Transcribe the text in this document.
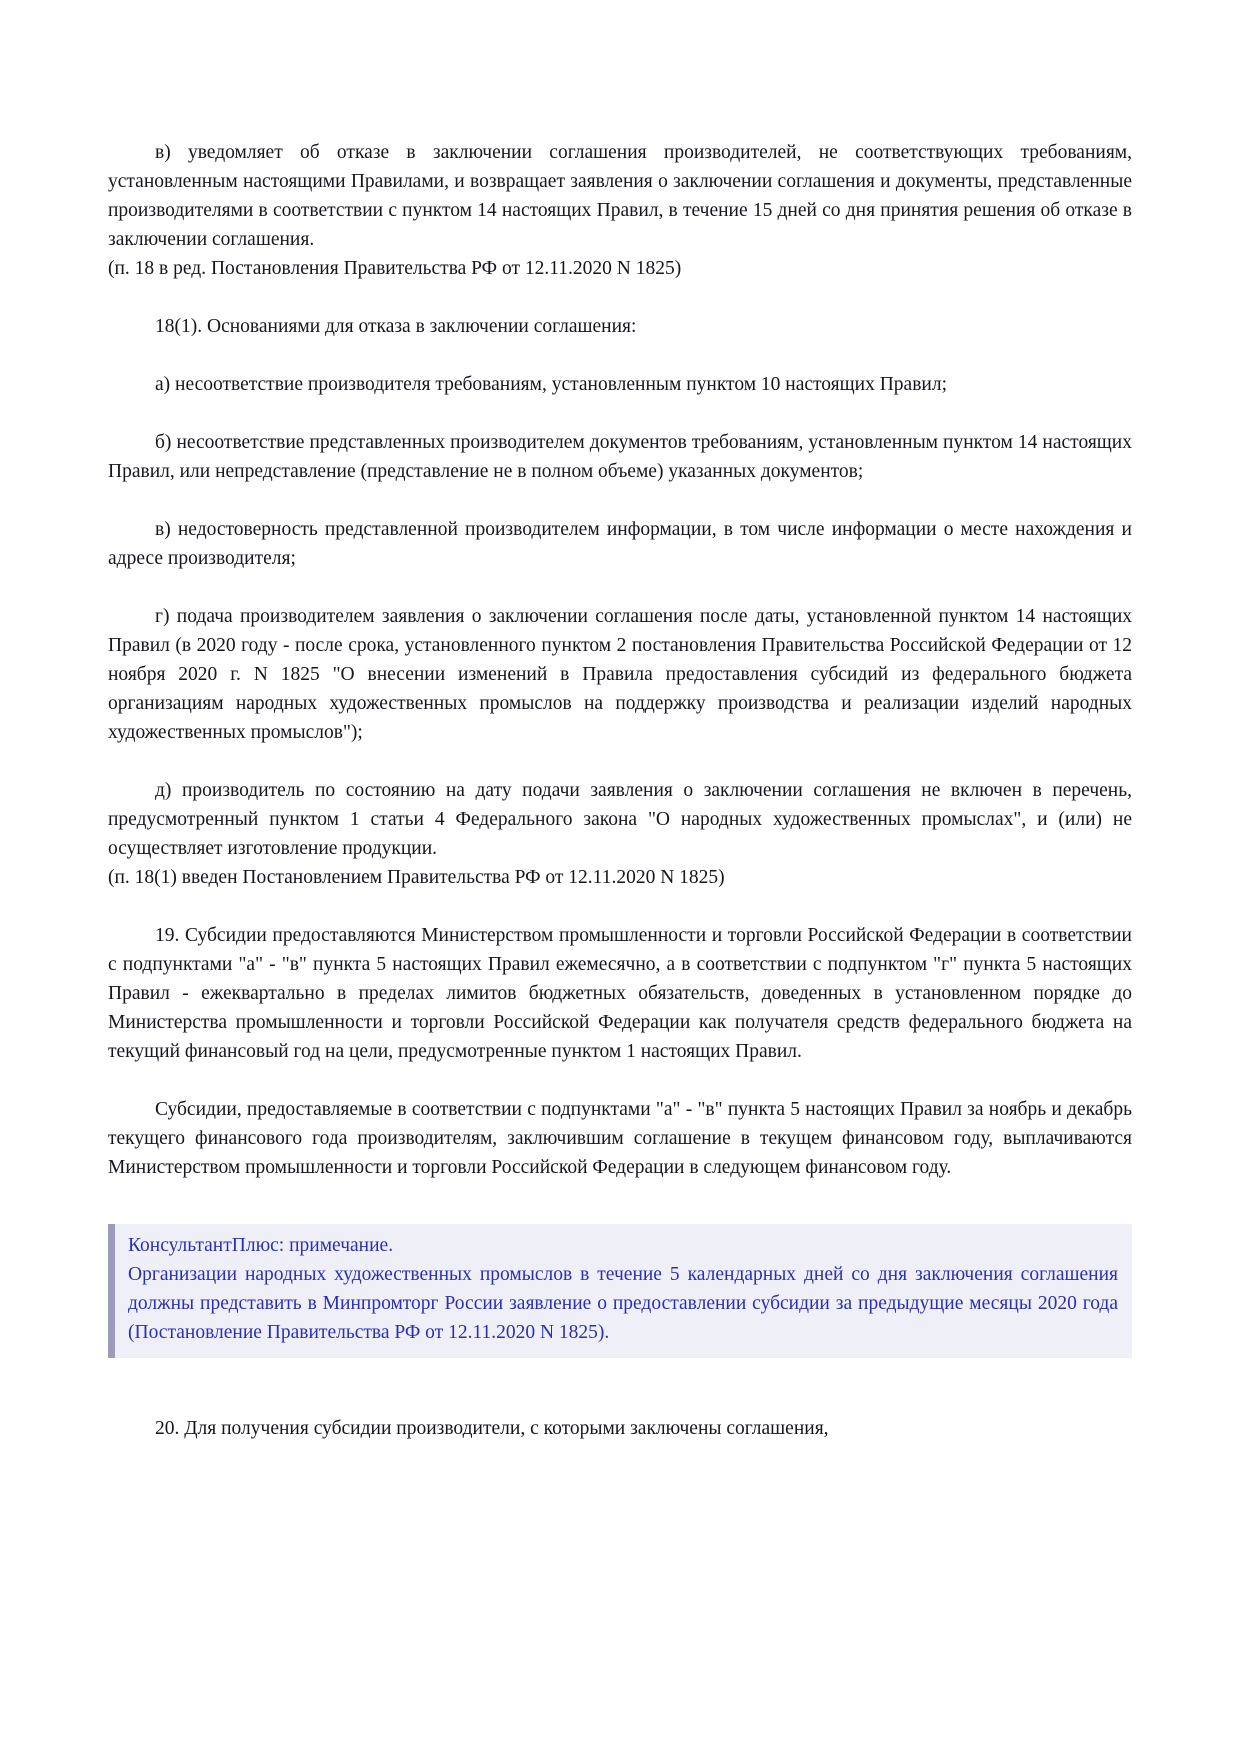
в) уведомляет об отказе в заключении соглашения производителей, не соответствующих требованиям, установленным настоящими Правилами, и возвращает заявления о заключении соглашения и документы, представленные производителями в соответствии с пунктом 14 настоящих Правил, в течение 15 дней со дня принятия решения об отказе в заключении соглашения.

(п. 18 в ред. Постановления Правительства РФ от 12.11.2020 N 1825)

18(1). Основаниями для отказа в заключении соглашения:

а) несоответствие производителя требованиям, установленным пунктом 10 настоящих Правил;

б) несоответствие представленных производителем документов требованиям, установленным пунктом 14 настоящих Правил, или непредставление (представление не в полном объеме) указанных документов;

в) недостоверность представленной производителем информации, в том числе информации о месте нахождения и адресе производителя;

г) подача производителем заявления о заключении соглашения после даты, установленной пунктом 14 настоящих Правил (в 2020 году - после срока, установленного пунктом 2 постановления Правительства Российской Федерации от 12 ноября 2020 г. N 1825 "О внесении изменений в Правила предоставления субсидий из федерального бюджета организациям народных художественных промыслов на поддержку производства и реализации изделий народных художественных промыслов");

д) производитель по состоянию на дату подачи заявления о заключении соглашения не включен в перечень, предусмотренный пунктом 1 статьи 4 Федерального закона "О народных художественных промыслах", и (или) не осуществляет изготовление продукции.

(п. 18(1) введен Постановлением Правительства РФ от 12.11.2020 N 1825)

19. Субсидии предоставляются Министерством промышленности и торговли Российской Федерации в соответствии с подпунктами "а" - "в" пункта 5 настоящих Правил ежемесячно, а в соответствии с подпунктом "г" пункта 5 настоящих Правил - ежеквартально в пределах лимитов бюджетных обязательств, доведенных в установленном порядке до Министерства промышленности и торговли Российской Федерации как получателя средств федерального бюджета на текущий финансовый год на цели, предусмотренные пунктом 1 настоящих Правил.

Субсидии, предоставляемые в соответствии с подпунктами "а" - "в" пункта 5 настоящих Правил за ноябрь и декабрь текущего финансового года производителям, заключившим соглашение в текущем финансовом году, выплачиваются Министерством промышленности и торговли Российской Федерации в следующем финансовом году.

КонсультантПлюс: примечание.

Организации народных художественных промыслов в течение 5 календарных дней со дня заключения соглашения должны представить в Минпромторг России заявление о предоставлении субсидии за предыдущие месяцы 2020 года (Постановление Правительства РФ от 12.11.2020 N 1825).

20. Для получения субсидии производители, с которыми заключены соглашения,
